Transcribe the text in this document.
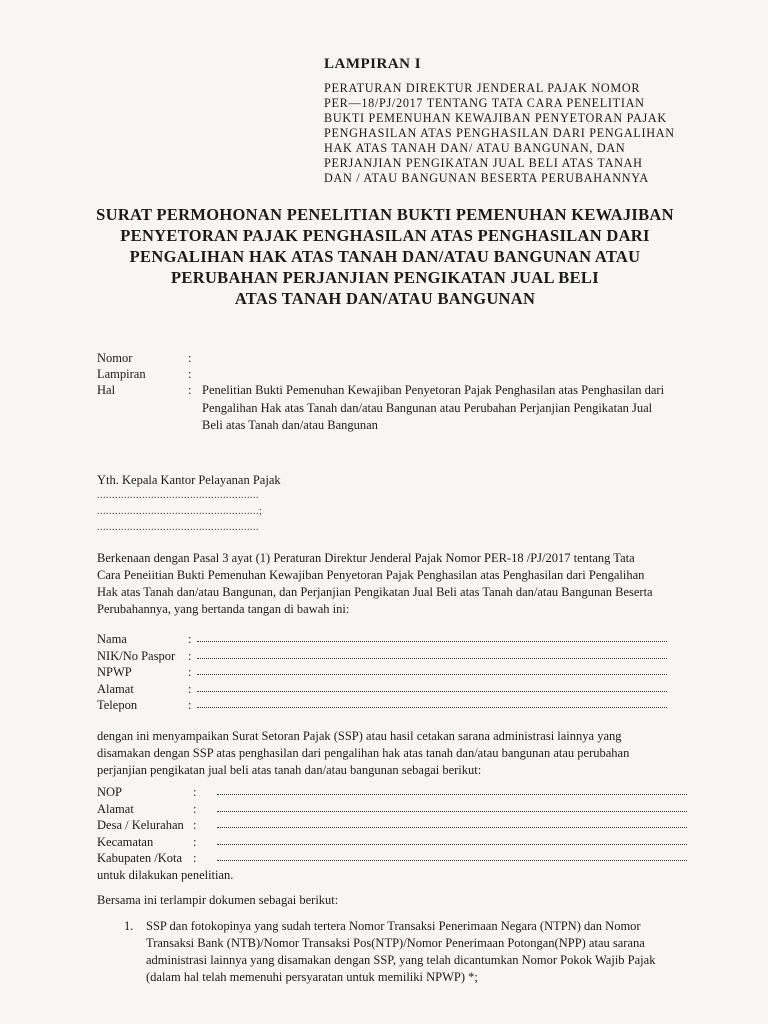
LAMPIRAN I
PERATURAN DIREKTUR JENDERAL PAJAK NOMOR
PER—18/PJ/2017 TENTANG TATA CARA PENELITIAN
BUKTI PEMENUHAN KEWAJIBAN PENYETORAN PAJAK
PENGHASILAN ATAS PENGHASILAN DARI PENGALIHAN
HAK ATAS TANAH DAN/ ATAU BANGUNAN, DAN
PERJANJIAN PENGIKATAN JUAL BELI ATAS TANAH
DAN / ATAU BANGUNAN BESERTA PERUBAHANNYA
SURAT PERMOHONAN PENELITIAN BUKTI PEMENUHAN KEWAJIBAN
PENYETORAN PAJAK PENGHASILAN ATAS PENGHASILAN DARI
PENGALIHAN HAK ATAS TANAH DAN/ATAU BANGUNAN ATAU
PERUBAHAN PERJANJIAN PENGIKATAN JUAL BELI
ATAS TANAH DAN/ATAU BANGUNAN
Nomor	:
Lampiran	:
Hal	: Penelitian Bukti Pemenuhan Kewajiban Penyetoran Pajak Penghasilan atas Penghasilan dari
Pengalihan Hak atas Tanah dan/atau Bangunan atau Perubahan Perjanjian Pengikatan Jual
Beli atas Tanah dan/atau Bangunan
Yth. Kepala Kantor Pelayanan Pajak
......................................................
......................................................;
......................................................
Berkenaan dengan Pasal 3 ayat (1) Peraturan Direktur Jenderal Pajak Nomor PER-18 /PJ/2017 tentang Tata
Cara Peneiitian Bukti Pemenuhan Kewajiban Penyetoran Pajak Penghasilan atas Penghasilan dari Pengalihan
Hak atas Tanah dan/atau Bangunan, dan Perjanjian Pengikatan Jual Beli atas Tanah dan/atau Bangunan Beserta
Perubahannya, yang bertanda tangan di bawah ini:
Nama	:
NIK/No Paspor :
NPWP	:
Alamat	:
Telepon	:
dengan ini menyampaikan Surat Setoran Pajak (SSP) atau hasil cetakan sarana administrasi lainnya yang
disamakan dengan SSP atas penghasilan dari pengalihan hak atas tanah dan/atau bangunan atau perubahan
perjanjian pengikatan jual beli atas tanah dan/atau bangunan sebagai berikut:
NOP	:
Alamat	:
Desa / Kelurahan :
Kecamatan	:
Kabupaten /Kota :
untuk dilakukan penelitian.
Bersama ini terlampir dokumen sebagai berikut:
1. SSP dan fotokopinya yang sudah tertera Nomor Transaksi Penerimaan Negara (NTPN) dan Nomor
Transaksi Bank (NTB)/Nomor Transaksi Pos(NTP)/Nomor Penerimaan Potongan(NPP) atau sarana
administrasi lainnya yang disamakan dengan SSP, yang telah dicantumkan Nomor Pokok Wajib Pajak
(dalam hal telah memenuhi persyaratan untuk memiliki NPWP) *;
